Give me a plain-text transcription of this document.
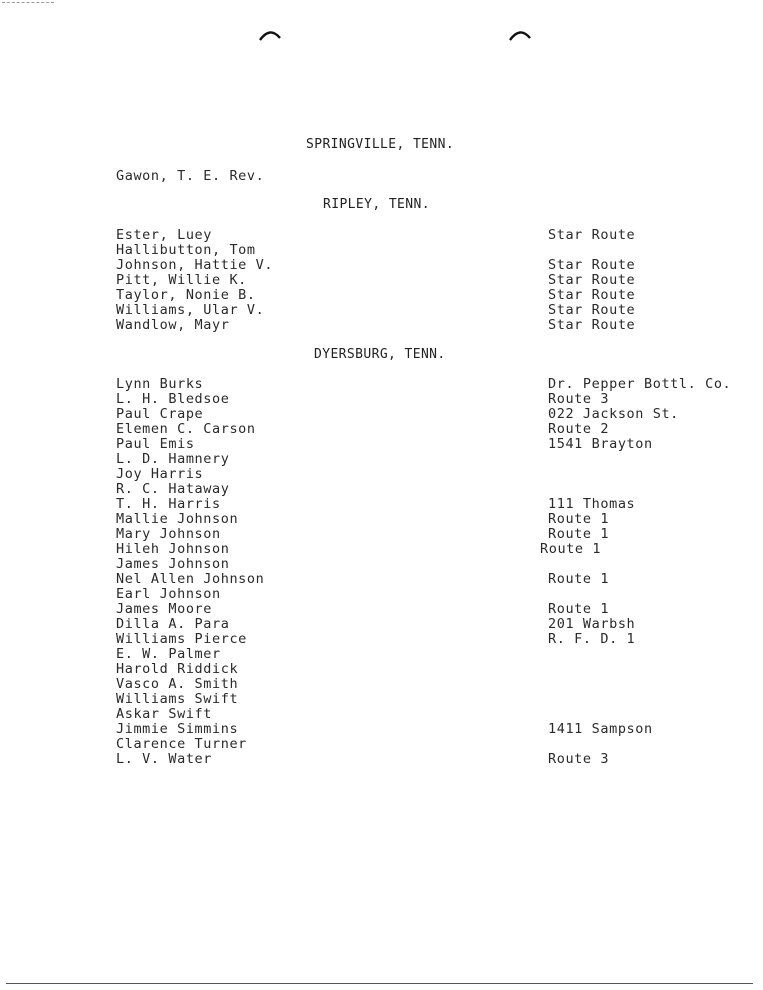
SPRINGVILLE, TENN.
Gawon, T. E. Rev.
RIPLEY, TENN.
Ester, Luey
Hallibutton, Tom
Johnson, Hattie V.
Pitt, Willie K.
Taylor, Nonie B.
Williams, Ular V.
Wandlow, Mayr
Star Route

Star Route
Star Route
Star Route
Star Route
Star Route
DYERSBURG, TENN.
Lynn Burks
L. H. Bledsoe
Paul Crape
Elemen C. Carson
Paul Emis
L. D. Hamnery
Joy Harris
R. C. Hataway
T. H. Harris
Mallie Johnson
Mary Johnson
Hileh Johnson
James Johnson
Nel Allen Johnson
Earl Johnson
James Moore
Dilla A. Para
Williams Pierce
E. W. Palmer
Harold Riddick
Vasco A. Smith
Williams Swift
Askar Swift
Jimmie Simmins
Clarence Turner
L. V. Water
Dr. Pepper Bottl. Co.
Route 3
022 Jackson St.
Route 2
1541 Brayton

111 Thomas
Route 1
Route 1
Route 1

Route 1

Route 1
201 Warbsh
R. F. D. 1

1411 Sampson

Route 3
